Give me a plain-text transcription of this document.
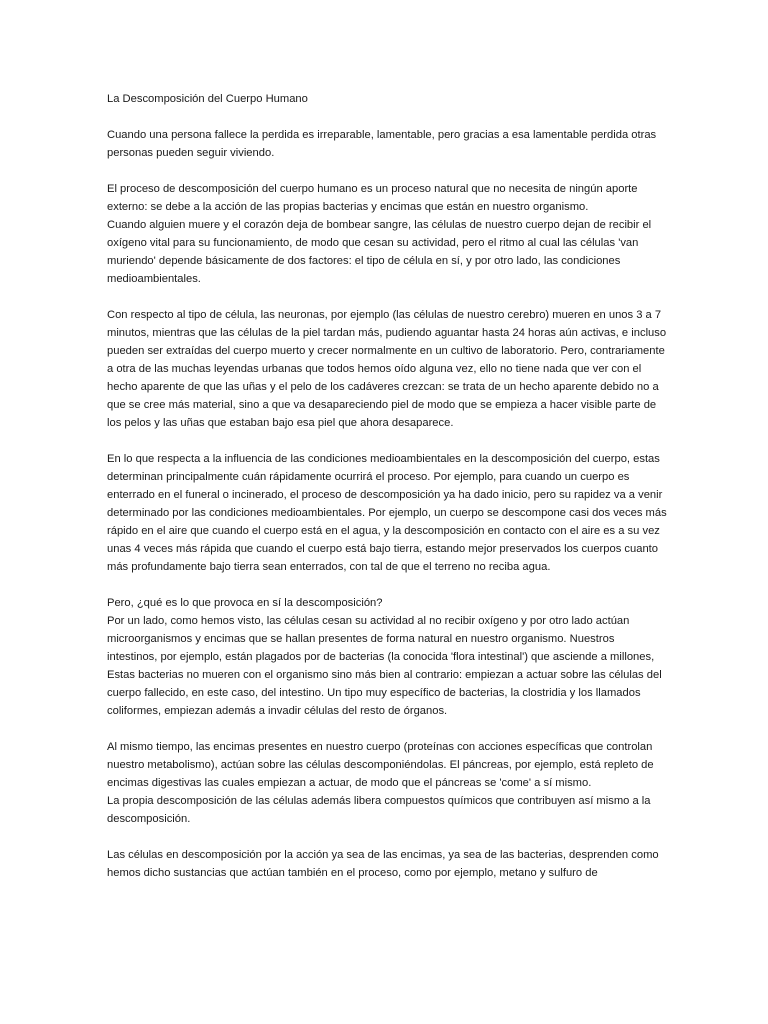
La Descomposición del Cuerpo Humano

Cuando una persona fallece la perdida es irreparable, lamentable, pero gracias a esa lamentable perdida otras personas pueden seguir viviendo.

El proceso de descomposición del cuerpo humano es un proceso natural que no necesita de ningún aporte externo: se debe a la acción de las propias bacterias y encimas que están en nuestro organismo.

Cuando alguien muere y el corazón deja de bombear sangre, las células de nuestro cuerpo dejan de recibir el oxígeno vital para su funcionamiento, de modo que cesan su actividad, pero el ritmo al cual las células 'van muriendo' depende básicamente de dos factores: el tipo de célula en sí, y por otro lado, las condiciones medioambientales.

Con respecto al tipo de célula, las neuronas, por ejemplo (las células de nuestro cerebro) mueren en unos 3 a 7 minutos, mientras que las células de la piel tardan más, pudiendo aguantar hasta 24 horas aún activas, e incluso pueden ser extraídas del cuerpo muerto y crecer normalmente en un cultivo de laboratorio. Pero, contrariamente a otra de las muchas leyendas urbanas que todos hemos oído alguna vez, ello no tiene nada que ver con el hecho aparente de que las uñas y el pelo de los cadáveres crezcan: se trata de un hecho aparente debido no a que se cree más material, sino a que va desapareciendo piel de modo que se empieza a hacer visible parte de los pelos y las uñas que estaban bajo esa piel que ahora desaparece.

En lo que respecta a la influencia de las condiciones medioambientales en la descomposición del cuerpo, estas determinan principalmente cuán rápidamente ocurrirá el proceso. Por ejemplo, para cuando un cuerpo es enterrado en el funeral o incinerado, el proceso de descomposición ya ha dado inicio, pero su rapidez va a venir determinado por las condiciones medioambientales. Por ejemplo, un cuerpo se descompone casi dos veces más rápido en el aire que cuando el cuerpo está en el agua, y la descomposición en contacto con el aire es a su vez unas 4 veces más rápida que cuando el cuerpo está bajo tierra, estando mejor preservados los cuerpos cuanto más profundamente bajo tierra sean enterrados, con tal de que el terreno no reciba agua.

Pero, ¿qué es lo que provoca en sí la descomposición?

Por un lado, como hemos visto, las células cesan su actividad al no recibir oxígeno y por otro lado actúan microorganismos y encimas que se hallan presentes de forma natural en nuestro organismo. Nuestros intestinos, por ejemplo, están plagados por de bacterias (la conocida 'flora intestinal') que asciende a millones, Estas bacterias no mueren con el organismo sino más bien al contrario: empiezan a actuar sobre las células del cuerpo fallecido, en este caso, del intestino. Un tipo muy específico de bacterias, la clostridia y los llamados coliformes, empiezan además a invadir células del resto de órganos.

Al mismo tiempo, las encimas presentes en nuestro cuerpo (proteínas con acciones específicas que controlan nuestro metabolismo), actúan sobre las células descomponiéndolas. El páncreas, por ejemplo, está repleto de encimas digestivas las cuales empiezan a actuar, de modo que el páncreas se 'come' a sí mismo.

La propia descomposición de las células además libera compuestos químicos que contribuyen así mismo a la descomposición.

Las células en descomposición por la acción ya sea de las encimas, ya sea de las bacterias, desprenden como hemos dicho sustancias que actúan también en el proceso, como por ejemplo, metano y sulfuro de
